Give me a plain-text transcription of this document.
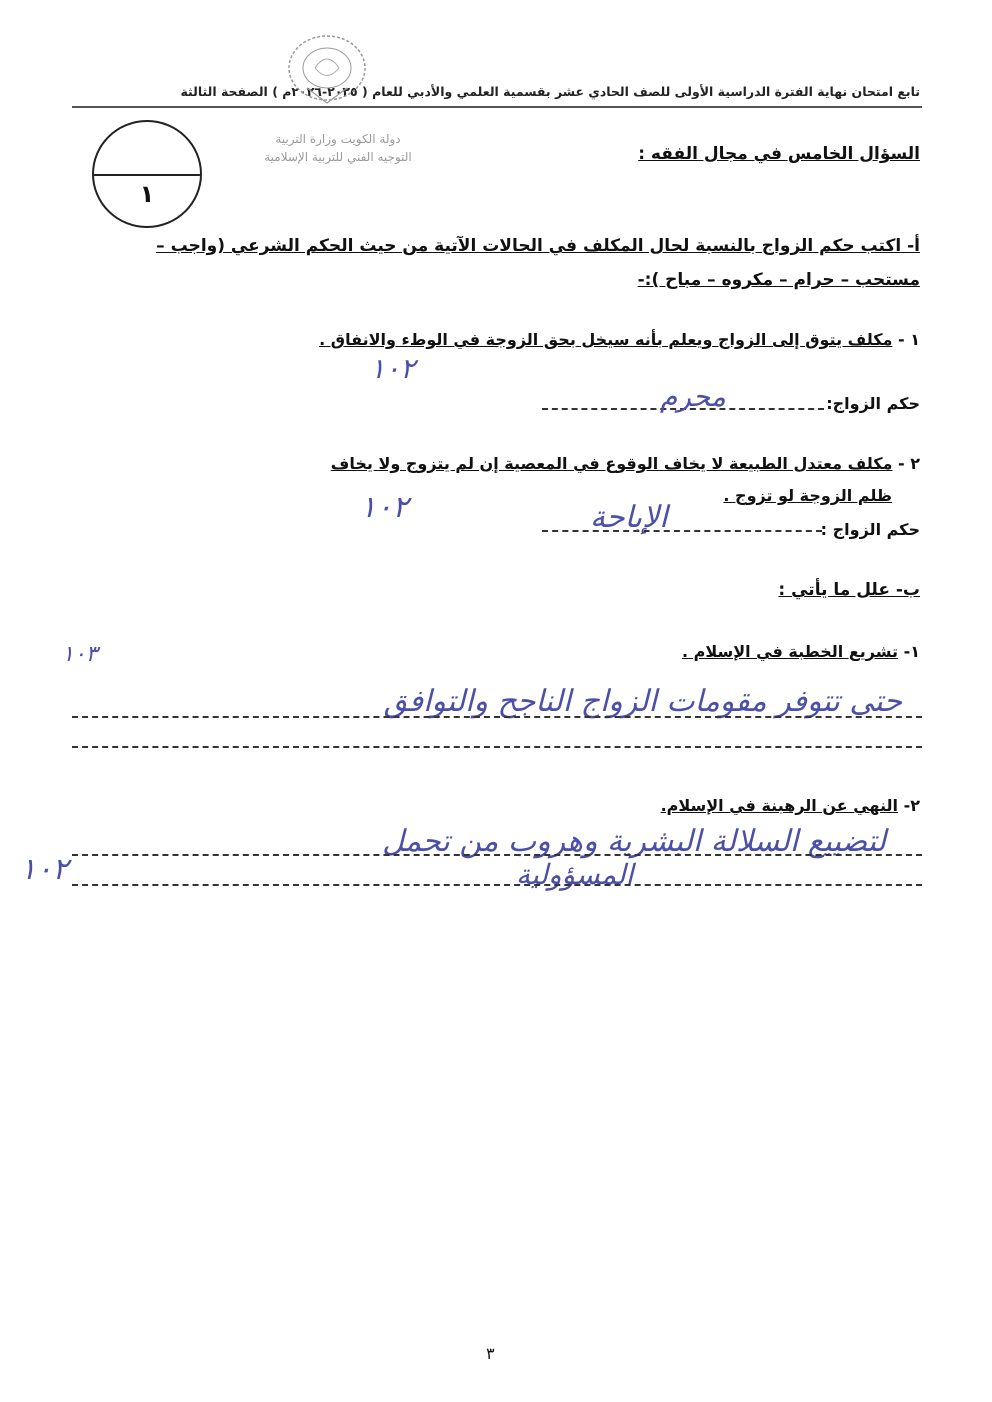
تابع امتحان نهاية الفترة الدراسية الأولى للصف الحادي عشر بقسمية العلمي والأدبي للعام ( ٢٠٢٥-٢٠٢٦م ) الصفحة الثالثة
دولة الكويت وزارة التربية
التوجيه الفني للتربية الإسلامية
١
السؤال الخامس في مجال الفقه :
أ- اكتب حكم الزواج بالنسبة لحال المكلف في الحالات الآتية من حيث الحكم الشرعي (واجب –
مستحب – حرام – مكروه – مباح ):-
١ - مكلف يتوق إلى الزواج ويعلم بأنه سيخل بحق الزوجة في الوطء والانفاق .
١٠٢
حكم الزواج:
محرم
٢ - مكلف معتدل الطبيعة لا يخاف الوقوع في المعصية إن لم يتزوج ولا يخاف
ظلم الزوجة لو تزوج .
١٠٢
حكم الزواج :
الإباحة
ب- علل ما يأتي :
١- تشريع الخطبة في الإسلام .
١٠٣
حتى تتوفر مقومات الزواج الناجح والتوافق
٢- النهي عن الرهبنة في الإسلام.
لتضييع السلالة البشرية وهروب من تحمل
المسؤولية
١٠٢
٣
